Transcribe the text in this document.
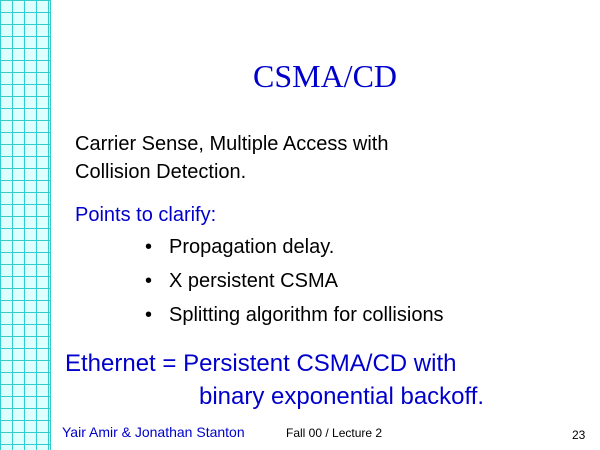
CSMA/CD
Carrier Sense, Multiple Access with
Collision Detection.
Points to clarify:
• Propagation delay.
• X persistent CSMA
• Splitting algorithm for collisions
Ethernet = Persistent CSMA/CD with
binary exponential backoff.
Yair Amir & Jonathan Stanton	Fall 00 / Lecture 2	23
